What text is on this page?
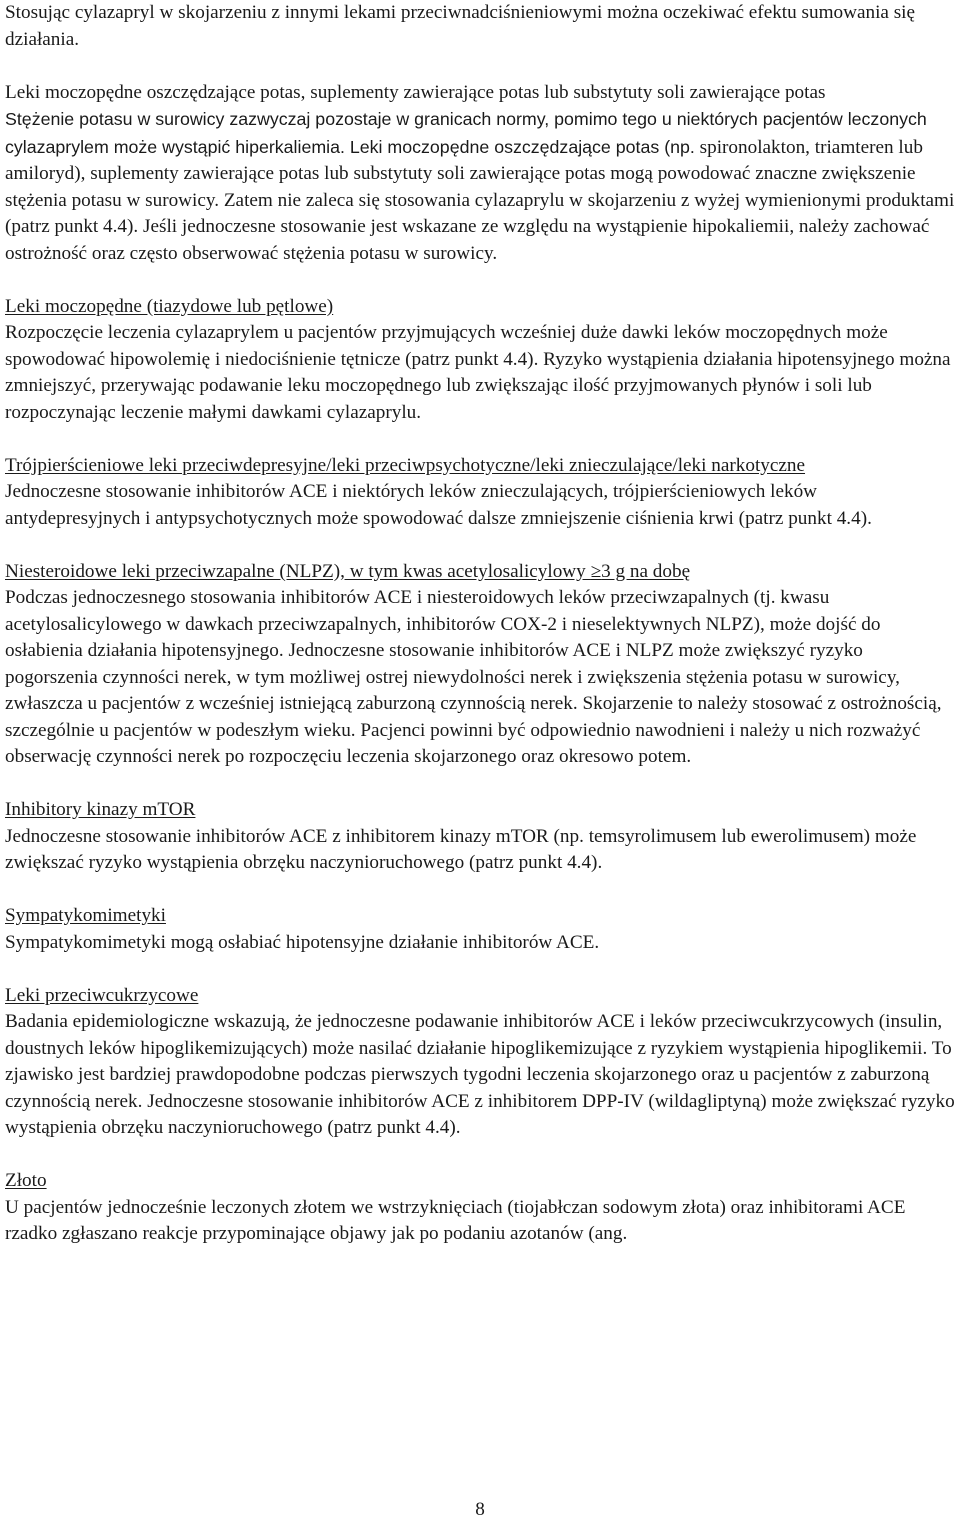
Stosując cylazapryl w skojarzeniu z innymi lekami przeciwnadciśnieniowymi można oczekiwać efektu sumowania się działania.

Leki moczopędne oszczędzające potas, suplementy zawierające potas lub substytuty soli zawierające potas

Stężenie potasu w surowicy zazwyczaj pozostaje w granicach normy, pomimo tego u niektórych pacjentów leczonych cylazaprylem może wystąpić hiperkaliemia. Leki moczopędne oszczędzające potas (np. spironolakton, triamteren lub amiloryd), suplementy zawierające potas lub substytuty soli zawierające potas mogą powodować znaczne zwiększenie stężenia potasu w surowicy. Zatem nie zaleca się stosowania cylazaprylu w skojarzeniu z wyżej wymienionymi produktami (patrz punkt 4.4). Jeśli jednoczesne stosowanie jest wskazane ze względu na wystąpienie hipokaliemii, należy zachować ostrożność oraz często obserwować stężenia potasu w surowicy.

Leki moczopędne (tiazydowe lub pętlowe)

Rozpoczęcie leczenia cylazaprylem u pacjentów przyjmujących wcześniej duże dawki leków moczopędnych może spowodować hipowolemię i niedociśnienie tętnicze (patrz punkt 4.4). Ryzyko wystąpienia działania hipotensyjnego można zmniejszyć, przerywając podawanie leku moczopędnego lub zwiększając ilość przyjmowanych płynów i soli lub rozpoczynając leczenie małymi dawkami cylazaprylu.

Trójpierścieniowe leki przeciwdepresyjne/leki przeciwpsychotyczne/leki znieczulające/leki narkotyczne

Jednoczesne stosowanie inhibitorów ACE i niektórych leków znieczulających, trójpierścieniowych leków antydepresyjnych i antypsychotycznych może spowodować dalsze zmniejszenie ciśnienia krwi (patrz punkt 4.4).

Niesteroidowe leki przeciwzapalne (NLPZ), w tym kwas acetylosalicylowy ≥3 g na dobę

Podczas jednoczesnego stosowania inhibitorów ACE i niesteroidowych leków przeciwzapalnych (tj. kwasu acetylosalicylowego w dawkach przeciwzapalnych, inhibitorów COX-2 i nieselektywnych NLPZ), może dojść do osłabienia działania hipotensyjnego. Jednoczesne stosowanie inhibitorów ACE i NLPZ może zwiększyć ryzyko pogorszenia czynności nerek, w tym możliwej ostrej niewydolności nerek i zwiększenia stężenia potasu w surowicy, zwłaszcza u pacjentów z wcześniej istniejącą zaburzoną czynnością nerek. Skojarzenie to należy stosować z ostrożnością, szczególnie u pacjentów w podeszłym wieku. Pacjenci powinni być odpowiednio nawodnieni i należy u nich rozważyć obserwację czynności nerek po rozpoczęciu leczenia skojarzonego oraz okresowo potem.

Inhibitory kinazy mTOR

Jednoczesne stosowanie inhibitorów ACE z inhibitorem kinazy mTOR (np. temsyrolimusem lub ewerolimusem) może zwiększać ryzyko wystąpienia obrzęku naczynioruchowego (patrz punkt 4.4).

Sympatykomimetyki

Sympatykomimetyki mogą osłabiać hipotensyjne działanie inhibitorów ACE.

Leki przeciwcukrzycowe

Badania epidemiologiczne wskazują, że jednoczesne podawanie inhibitorów ACE i leków przeciwcukrzycowych (insulin, doustnych leków hipoglikemizujących) może nasilać działanie hipoglikemizujące z ryzykiem wystąpienia hipoglikemii. To zjawisko jest bardziej prawdopodobne podczas pierwszych tygodni leczenia skojarzonego oraz u pacjentów z zaburzoną czynnością nerek. Jednoczesne stosowanie inhibitorów ACE z inhibitorem DPP-IV (wildagliptyną) może zwiększać ryzyko wystąpienia obrzęku naczynioruchowego (patrz punkt 4.4).

Złoto

U pacjentów jednocześnie leczonych złotem we wstrzyknięciach (tiojabłczan sodowym złota) oraz inhibitorami ACE rzadko zgłaszano reakcje przypominające objawy jak po podaniu azotanów (ang.

8
